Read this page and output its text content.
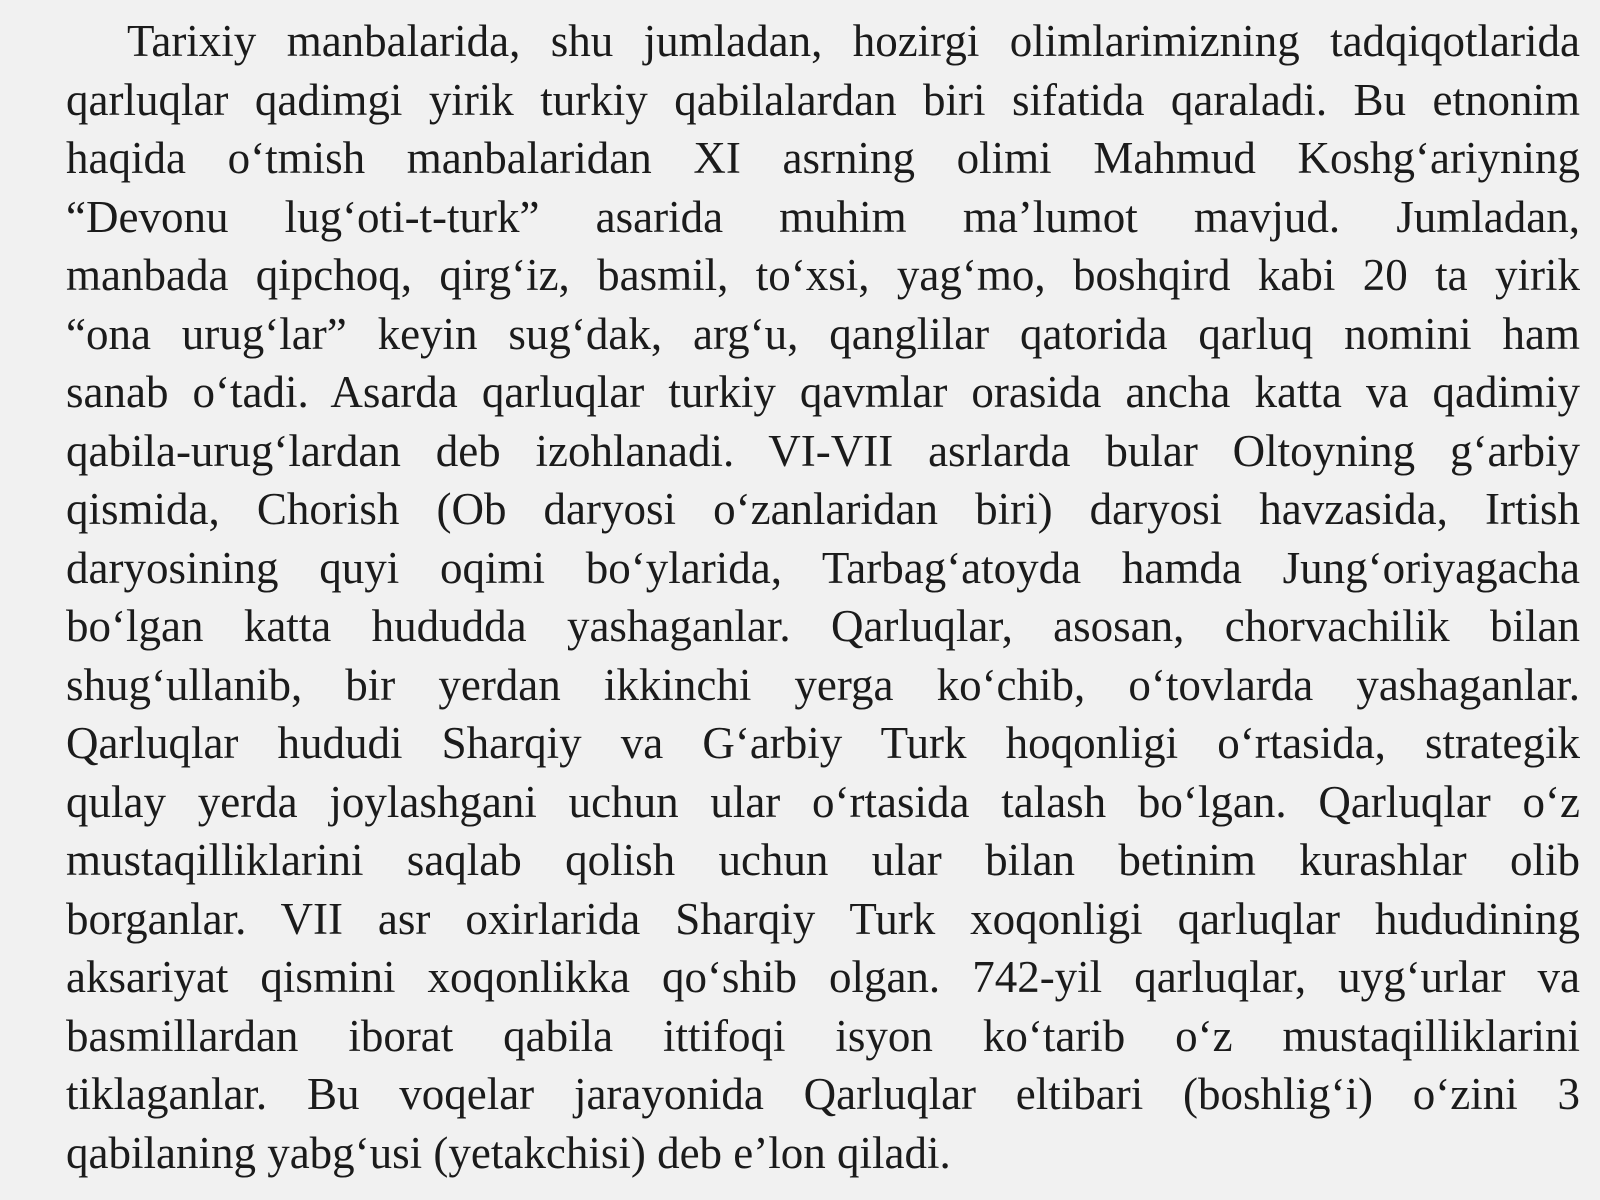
Tarixiy manbalarida, shu jumladan, hozirgi olimlarimizning tadqiqotlarida
qarluqlar qadimgi yirik turkiy qabilalardan biri sifatida qaraladi. Bu etnonim
haqida o‘tmish manbalaridan XI asrning olimi Mahmud Koshg‘ariyning
“Devonu lug‘oti-t-turk” asarida muhim ma’lumot mavjud. Jumladan,
manbada qipchoq, qirg‘iz, basmil, to‘xsi, yag‘mo, boshqird kabi 20 ta yirik
“ona urug‘lar” keyin sug‘dak, arg‘u, qanglilar qatorida qarluq nomini ham
sanab o‘tadi. Asarda qarluqlar turkiy qavmlar orasida ancha katta va qadimiy
qabila-urug‘lardan deb izohlanadi. VI-VII asrlarda bular Oltoyning g‘arbiy
qismida, Chorish (Ob daryosi o‘zanlaridan biri) daryosi havzasida, Irtish
daryosining quyi oqimi bo‘ylarida, Tarbag‘atoyda hamda Jung‘oriyagacha
bo‘lgan katta hududda yashaganlar. Qarluqlar, asosan, chorvachilik bilan
shug‘ullanib, bir yerdan ikkinchi yerga ko‘chib, o‘tovlarda yashaganlar.
Qarluqlar hududi Sharqiy va G‘arbiy Turk hoqonligi o‘rtasida, strategik
qulay yerda joylashgani uchun ular o‘rtasida talash bo‘lgan. Qarluqlar o‘z
mustaqilliklarini saqlab qolish uchun ular bilan betinim kurashlar olib
borganlar. VII asr oxirlarida Sharqiy Turk xoqonligi qarluqlar hududining
aksariyat qismini xoqonlikka qo‘shib olgan. 742-yil qarluqlar, uyg‘urlar va
basmillardan iborat qabila ittifoqi isyon ko‘tarib o‘z mustaqilliklarini
tiklaganlar. Bu voqelar jarayonida Qarluqlar eltibari (boshlig‘i) o‘zini 3
qabilaning yabg‘usi (yetakchisi) deb e’lon qiladi.
